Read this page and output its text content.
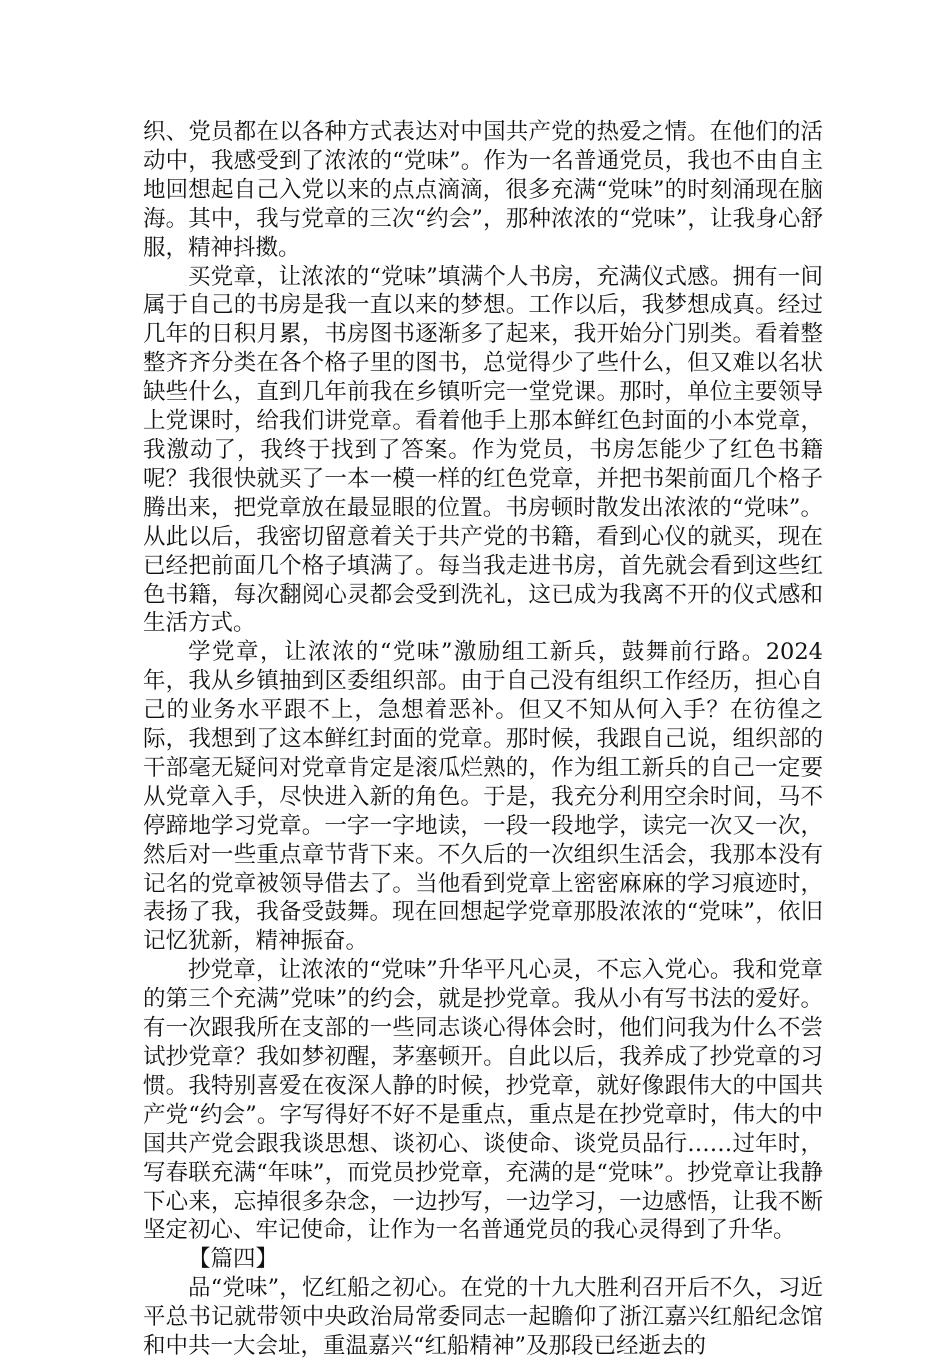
织、党员都在以各种方式表达对中国共产党的热爱之情。在他们的活动中，我感受到了浓浓的“党味”。作为一名普通党员，我也不由自主地回想起自己入党以来的点点滴滴，很多充满“党味”的时刻涌现在脑海。其中，我与党章的三次“约会”，那种浓浓的“党味”，让我身心舒服，精神抖擞。

买党章，让浓浓的“党味”填满个人书房，充满仪式感。拥有一间属于自己的书房是我一直以来的梦想。工作以后，我梦想成真。经过几年的日积月累，书房图书逐渐多了起来，我开始分门别类。看着整整齐齐分类在各个格子里的图书，总觉得少了些什么，但又难以名状缺些什么，直到几年前我在乡镇听完一堂党课。那时，单位主要领导上党课时，给我们讲党章。看着他手上那本鲜红色封面的小本党章，我激动了，我终于找到了答案。作为党员，书房怎能少了红色书籍呢？我很快就买了一本一模一样的红色党章，并把书架前面几个格子腾出来，把党章放在最显眼的位置。书房顿时散发出浓浓的“党味”。从此以后，我密切留意着关于共产党的书籍，看到心仪的就买，现在已经把前面几个格子填满了。每当我走进书房，首先就会看到这些红色书籍，每次翻阅心灵都会受到洗礼，这已成为我离不开的仪式感和生活方式。

学党章，让浓浓的“党味”激励组工新兵，鼓舞前行路。2024年，我从乡镇抽到区委组织部。由于自己没有组织工作经历，担心自己的业务水平跟不上，急想着恶补。但又不知从何入手？在彷徨之际，我想到了这本鲜红封面的党章。那时候，我跟自己说，组织部的干部毫无疑问对党章肯定是滚瓜烂熟的，作为组工新兵的自己一定要从党章入手，尽快进入新的角色。于是，我充分利用空余时间，马不停蹄地学习党章。一字一字地读，一段一段地学，读完一次又一次，然后对一些重点章节背下来。不久后的一次组织生活会，我那本没有记名的党章被领导借去了。当他看到党章上密密麻麻的学习痕迹时，表扬了我，我备受鼓舞。现在回想起学党章那股浓浓的“党味”，依旧记忆犹新，精神振奋。

抄党章，让浓浓的“党味”升华平凡心灵，不忘入党心。我和党章的第三个充满”党味”的约会，就是抄党章。我从小有写书法的爱好。有一次跟我所在支部的一些同志谈心得体会时，他们问我为什么不尝试抄党章？我如梦初醒，茅塞顿开。自此以后，我养成了抄党章的习惯。我特别喜爱在夜深人静的时候，抄党章，就好像跟伟大的中国共产党“约会”。字写得好不好不是重点，重点是在抄党章时，伟大的中国共产党会跟我谈思想、谈初心、谈使命、谈党员品行……过年时，写春联充满“年味”，而党员抄党章，充满的是“党味”。抄党章让我静下心来，忘掉很多杂念，一边抄写，一边学习，一边感悟，让我不断坚定初心、牢记使命，让作为一名普通党员的我心灵得到了升华。

【篇四】

品“党味”，忆红船之初心。在党的十九大胜利召开后不久，习近平总书记就带领中央政治局常委同志一起瞻仰了浙江嘉兴红船纪念馆和中共一大会址，重温嘉兴“红船精神”及那段已经逝去的
